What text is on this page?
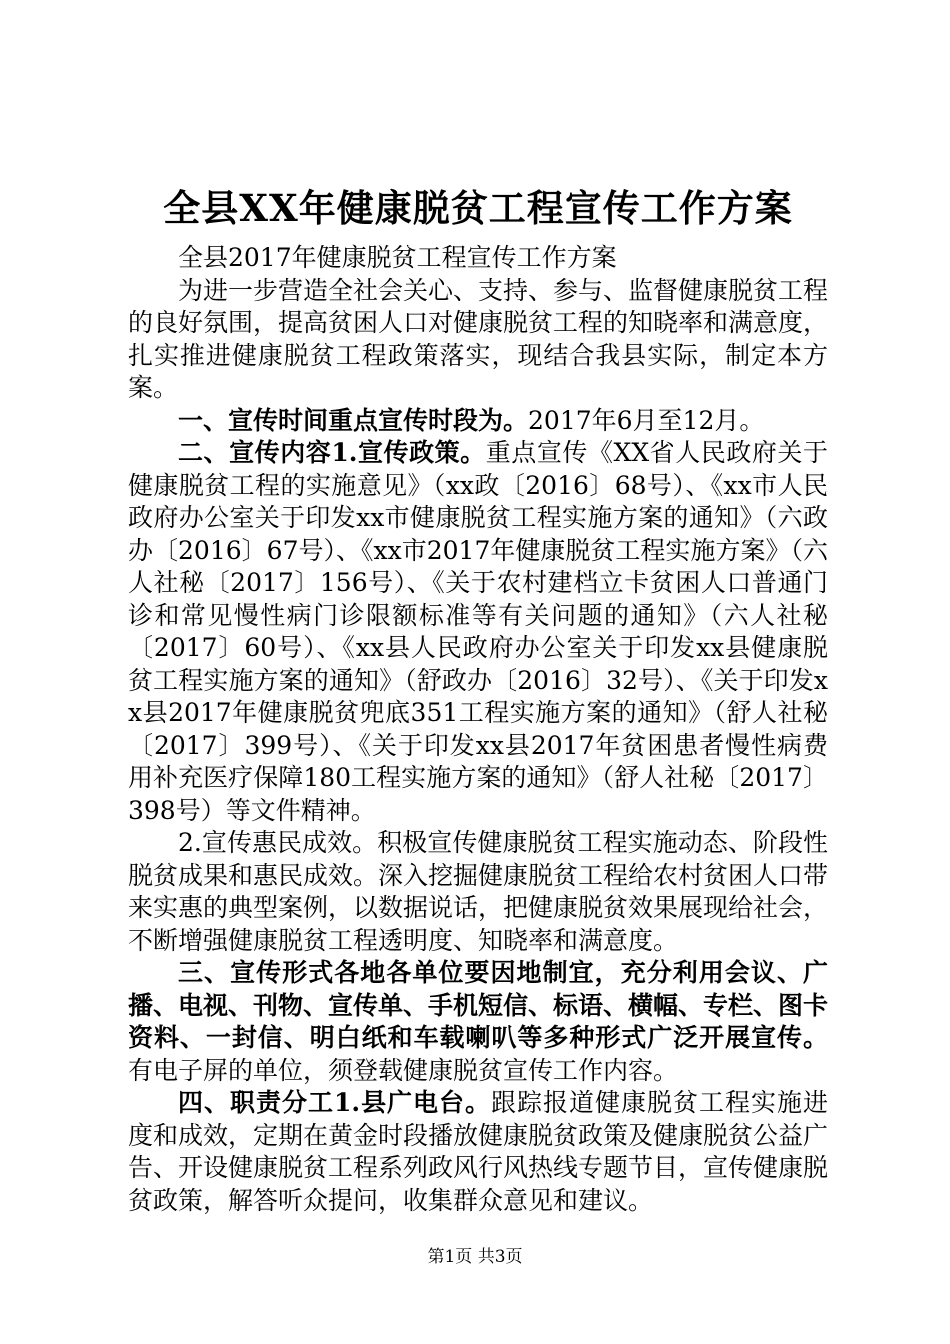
全县XX年健康脱贫工程宣传工作方案

全县2017年健康脱贫工程宣传工作方案

为进一步营造全社会关心、支持、参与、监督健康脱贫工程的良好氛围，提高贫困人口对健康脱贫工程的知晓率和满意度，扎实推进健康脱贫工程政策落实，现结合我县实际，制定本方案。

一、宣传时间重点宣传时段为。2017年6月至12月。

二、宣传内容1.宣传政策。重点宣传《XX省人民政府关于健康脱贫工程的实施意见》（xx政〔2016〕68号）、《xx市人民政府办公室关于印发xx市健康脱贫工程实施方案的通知》（六政办〔2016〕67号）、《xx市2017年健康脱贫工程实施方案》（六人社秘〔2017〕156号）、《关于农村建档立卡贫困人口普通门诊和常见慢性病门诊限额标准等有关问题的通知》（六人社秘〔2017〕60号）、《xx县人民政府办公室关于印发xx县健康脱贫工程实施方案的通知》（舒政办〔2016〕32号）、《关于印发xx县2017年健康脱贫兜底351工程实施方案的通知》（舒人社秘〔2017〕399号）、《关于印发xx县2017年贫困患者慢性病费用补充医疗保障180工程实施方案的通知》（舒人社秘〔2017〕398号）等文件精神。

2.宣传惠民成效。积极宣传健康脱贫工程实施动态、阶段性脱贫成果和惠民成效。深入挖掘健康脱贫工程给农村贫困人口带来实惠的典型案例，以数据说话，把健康脱贫效果展现给社会，不断增强健康脱贫工程透明度、知晓率和满意度。

三、宣传形式各地各单位要因地制宜，充分利用会议、广播、电视、刊物、宣传单、手机短信、标语、横幅、专栏、图卡资料、一封信、明白纸和车载喇叭等多种形式广泛开展宣传。有电子屏的单位，须登载健康脱贫宣传工作内容。

四、职责分工1.县广电台。跟踪报道健康脱贫工程实施进度和成效，定期在黄金时段播放健康脱贫政策及健康脱贫公益广告、开设健康脱贫工程系列政风行风热线专题节目，宣传健康脱贫政策，解答听众提问，收集群众意见和建议。

第1页 共3页
